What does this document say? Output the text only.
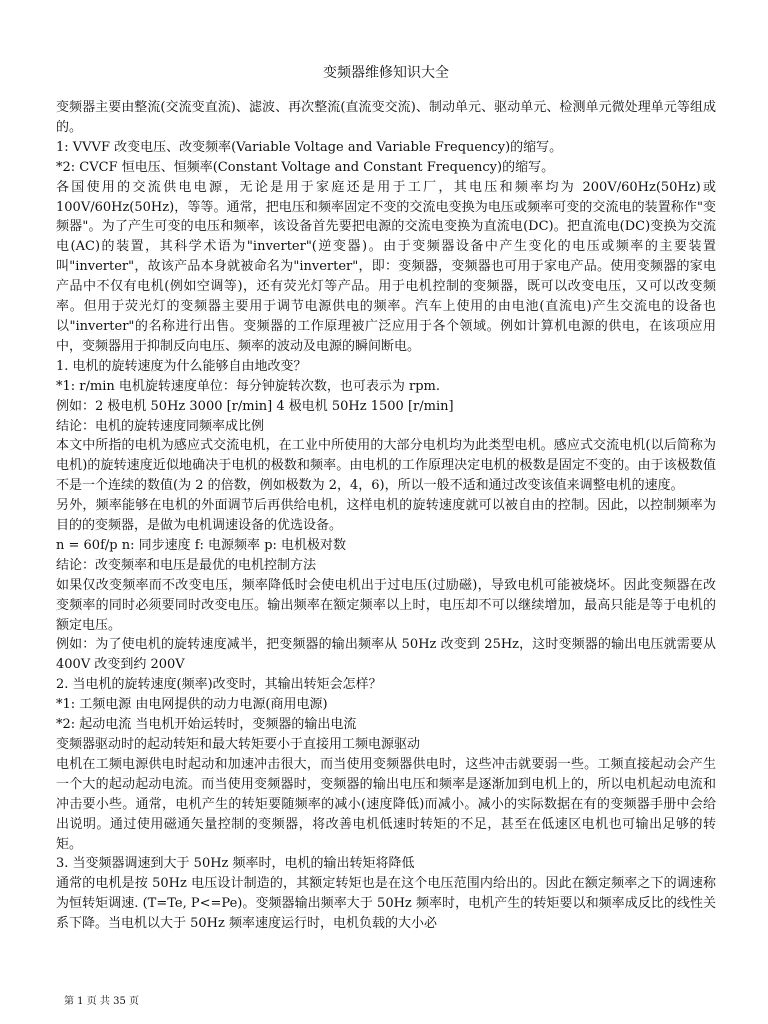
变频器维修知识大全

变频器主要由整流(交流变直流)、滤波、再次整流(直流变交流)、制动单元、驱动单元、检测单元微处理单元等组成的。

1: VVVF 改变电压、改变频率(Variable Voltage and Variable Frequency)的缩写。

*2: CVCF 恒电压、恒频率(Constant Voltage and Constant Frequency)的缩写。

各国使用的交流供电电源，无论是用于家庭还是用于工厂，其电压和频率均为 200V/60Hz(50Hz)或 100V/60Hz(50Hz)，等等。通常，把电压和频率固定不变的交流电变换为电压或频率可变的交流电的装置称作"变频器"。为了产生可变的电压和频率，该设备首先要把电源的交流电变换为直流电(DC)。把直流电(DC)变换为交流电(AC)的装置，其科学术语为"inverter"(逆变器)。由于变频器设备中产生变化的电压或频率的主要装置叫"inverter"，故该产品本身就被命名为"inverter"，即：变频器，变频器也可用于家电产品。使用变频器的家电产品中不仅有电机(例如空调等)，还有荧光灯等产品。用于电机控制的变频器，既可以改变电压，又可以改变频率。但用于荧光灯的变频器主要用于调节电源供电的频率。汽车上使用的由电池(直流电)产生交流电的设备也以"inverter"的名称进行出售。变频器的工作原理被广泛应用于各个领域。例如计算机电源的供电，在该项应用中，变频器用于抑制反向电压、频率的波动及电源的瞬间断电。

1. 电机的旋转速度为什么能够自由地改变？

*1: r/min 电机旋转速度单位：每分钟旋转次数，也可表示为 rpm.

例如：2 极电机 50Hz 3000 [r/min] 4 极电机 50Hz 1500 [r/min]

结论：电机的旋转速度同频率成比例

本文中所指的电机为感应式交流电机，在工业中所使用的大部分电机均为此类型电机。感应式交流电机(以后简称为电机)的旋转速度近似地确决于电机的极数和频率。由电机的工作原理决定电机的极数是固定不变的。由于该极数值不是一个连续的数值(为 2 的倍数，例如极数为 2，4，6)，所以一般不适和通过改变该值来调整电机的速度。

另外，频率能够在电机的外面调节后再供给电机，这样电机的旋转速度就可以被自由的控制。因此，以控制频率为目的的变频器，是做为电机调速设备的优选设备。

n = 60f/p n: 同步速度 f: 电源频率 p: 电机极对数

结论：改变频率和电压是最优的电机控制方法

如果仅改变频率而不改变电压，频率降低时会使电机出于过电压(过励磁)，导致电机可能被烧坏。因此变频器在改变频率的同时必须要同时改变电压。输出频率在额定频率以上时，电压却不可以继续增加，最高只能是等于电机的额定电压。

例如：为了使电机的旋转速度减半，把变频器的输出频率从 50Hz 改变到 25Hz，这时变频器的输出电压就需要从 400V 改变到约 200V

2. 当电机的旋转速度(频率)改变时，其输出转矩会怎样？

*1: 工频电源 由电网提供的动力电源(商用电源)

*2: 起动电流 当电机开始运转时，变频器的输出电流

变频器驱动时的起动转矩和最大转矩要小于直接用工频电源驱动

电机在工频电源供电时起动和加速冲击很大，而当使用变频器供电时，这些冲击就要弱一些。工频直接起动会产生一个大的起动起动电流。而当使用变频器时，变频器的输出电压和频率是逐渐加到电机上的，所以电机起动电流和冲击要小些。通常，电机产生的转矩要随频率的减小(速度降低)而减小。减小的实际数据在有的变频器手册中会给出说明。通过使用磁通矢量控制的变频器，将改善电机低速时转矩的不足，甚至在低速区电机也可输出足够的转矩。

3. 当变频器调速到大于 50Hz 频率时，电机的输出转矩将降低

通常的电机是按 50Hz 电压设计制造的，其额定转矩也是在这个电压范围内给出的。因此在额定频率之下的调速称为恒转矩调速. (T=Te, P<=Pe)。变频器输出频率大于 50Hz 频率时，电机产生的转矩要以和频率成反比的线性关系下降。当电机以大于 50Hz 频率速度运行时，电机负载的大小必

第 1 页 共 35 页
